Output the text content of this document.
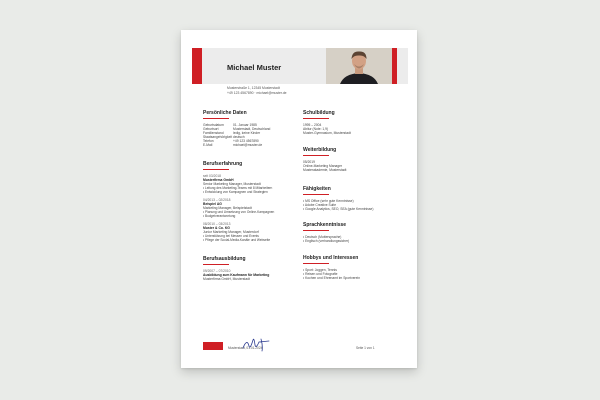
Michael Muster
Musterstraße 1, 12345 Musterstadt
+49 123 4567890 · michael@muster.de
Persönliche Daten
Geburtsdatum	01. Januar 1985
Geburtsort	Musterstadt, Deutschland
Familienstand	ledig, keine Kinder
Staatsangehörigkeit deutsch
Telefon	+49 123 4567890
E-Mail	michael@muster.de
Berufserfahrung
seit 03/2018
Musterfirma GmbH
Senior Marketing Manager, Musterstadt
• Leitung des Marketing-Teams mit 8 Mitarbeitern
• Entwicklung von Kampagnen und Strategien
04/2013 – 02/2018
Beispiel AG
Marketing Manager, Beispielstadt
• Planung und Umsetzung von Online-Kampagnen
• Budgetverantwortung
08/2010 – 03/2013
Muster & Co. KG
Junior Marketing Manager, Musterdorf
• Unterstützung bei Messen und Events
• Pflege der Social-Media-Kanäle und Webseite
Berufsausbildung
09/2007 – 07/2010
Ausbildung zum Kaufmann für Marketing
Musterfirma GmbH, Musterstadt
Schulbildung
1995 – 2004
Abitur (Note: 1,9)
Muster-Gymnasium, Musterstadt
Weiterbildung
05/2019
Online-Marketing Manager
Musterakademie, Musterstadt
Fähigkeiten
• MS Office (sehr gute Kenntnisse)
• Adobe Creative Suite
• Google Analytics, SEO, SEA (gute Kenntnisse)
Sprachkenntnisse
• Deutsch (Muttersprache)
• Englisch (verhandlungssicher)
Hobbys und Interessen
• Sport: Joggen, Tennis
• Reisen und Fotografie
• Kochen und Ehrenamt im Sportverein
Musterstadt, 01.01.2024	Seite 1 von 1
